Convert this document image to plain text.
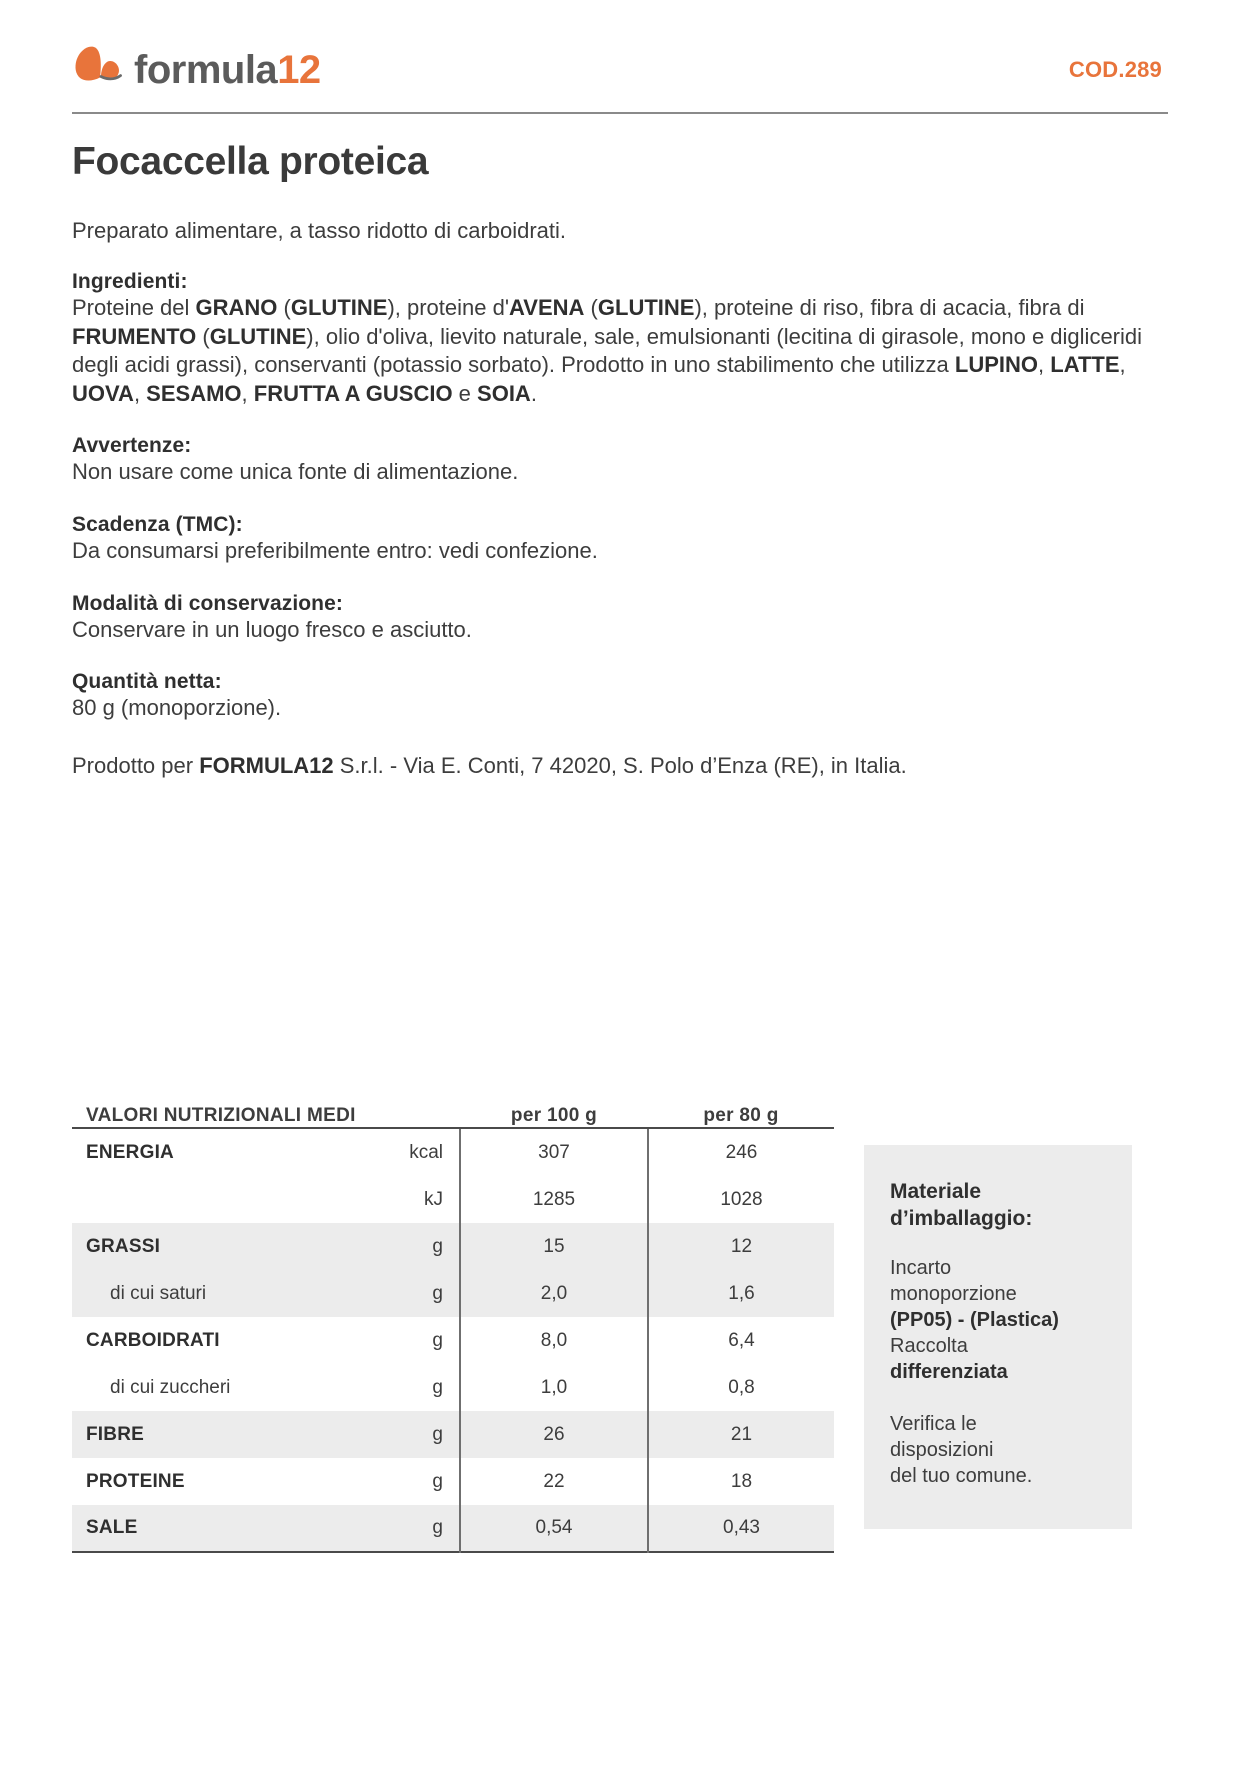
formula12	COD.289
Focaccella proteica

Preparato alimentare, a tasso ridotto di carboidrati.

Ingredienti:
Proteine del GRANO (GLUTINE), proteine d'AVENA (GLUTINE), proteine di riso, fibra di acacia, fibra di FRUMENTO (GLUTINE), olio d'oliva, lievito naturale, sale, emulsionanti (lecitina di girasole, mono e digliceridi degli acidi grassi), conservanti (potassio sorbato). Prodotto in uno stabilimento che utilizza LUPINO, LATTE, UOVA, SESAMO, FRUTTA A GUSCIO e SOIA.
Avvertenze:
Non usare come unica fonte di alimentazione.
Scadenza (TMC):
Da consumarsi preferibilmente entro: vedi confezione.
Modalità di conservazione:
Conservare in un luogo fresco e asciutto.
Quantità netta:
80 g (monoporzione).
Prodotto per FORMULA12 S.r.l. - Via E. Conti, 7 42020, S. Polo d’Enza (RE), in Italia.
VALORI NUTRIZIONALI MEDI		per 100 g	per 80 g

ENERGIA	kcal	307	246
	kJ	1285	1028
GRASSI	g	15	12
di cui saturi	g	2,0	1,6
CARBOIDRATI	g	8,0	6,4
di cui zuccheri	g	1,0	0,8
FIBRE	g	26	21
PROTEINE	g	22	18
SALE	g	0,54	0,43

Materiale
d’imballaggio:
Incarto
monoporzione
(PP05) - (Plastica)
Raccolta
differenziata
Verifica le
disposizioni
del tuo comune.
